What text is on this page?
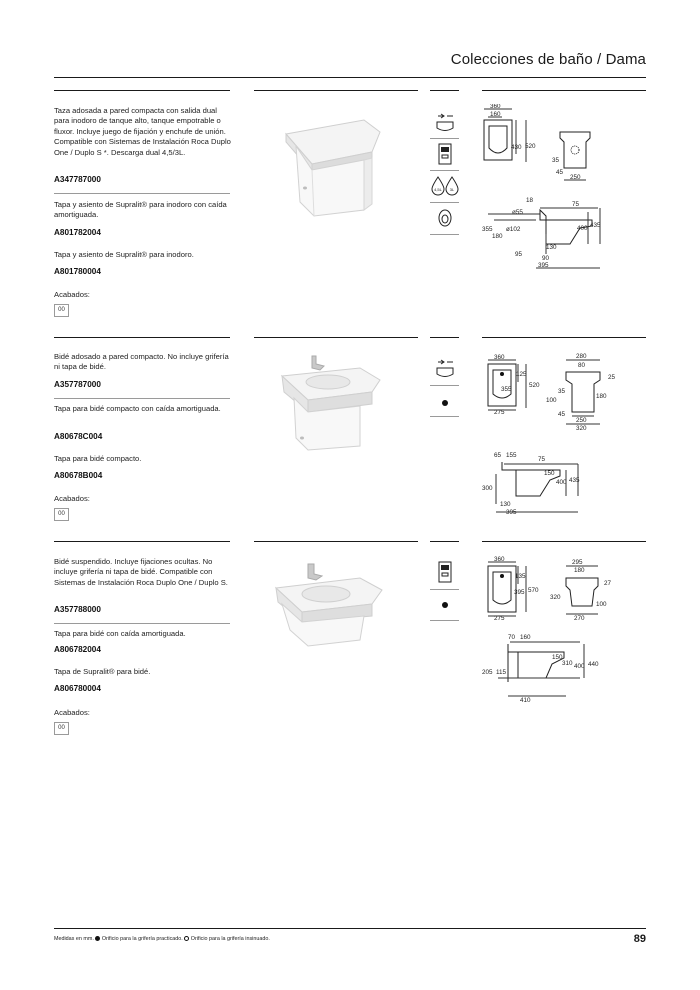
Colecciones de baño / Dama
Taza adosada a pared compacta con salida dual para inodoro de tanque alto, tanque empotrable o fluxor. Incluye juego de fijación y enchufe de unión. Compatible con Sistemas de Instalación Roca Duplo One / Duplo S *. Descarga dual 4,5/3L.
A347787000
Tapa y asiento de Supralit® para inodoro con caída amortiguada.
A801782004
Tapa y asiento de Supralit® para inodoro.
A801780004
Acabados:
00
4,5L 3L
360
160
430 520
35
45
250
18
75
ø55
355 ø102
180
400 435
130
95
90
395
Bidé adosado a pared compacto. No incluye grifería ni tapa de bidé.
A357787000
Tapa para bidé compacto con caída amortiguada.
A80678C004
Tapa para bidé compacto.
A80678B004
Acabados:
00
360
125
355
520
275
280
80
25
35
100
180
45
250
320
65 155
75
150
400 435
300
130
395
Bidé suspendido. Incluye fijaciones ocultas. No incluye grifería ni tapa de bidé. Compatible con Sistemas de Instalación Roca Duplo One / Duplo S.
A357788000
Tapa para bidé con caída amortiguada.
A806782004
Tapa de Supralit® para bidé.
A806780004
Acabados:
00
360
135
395 570
275
295
180
27
320
100
270
70 160
150
310 400 440
205 115
410
Medidas en mm. Orificio para la grifería practicado. Orificio para la grifería insinuado.	89
